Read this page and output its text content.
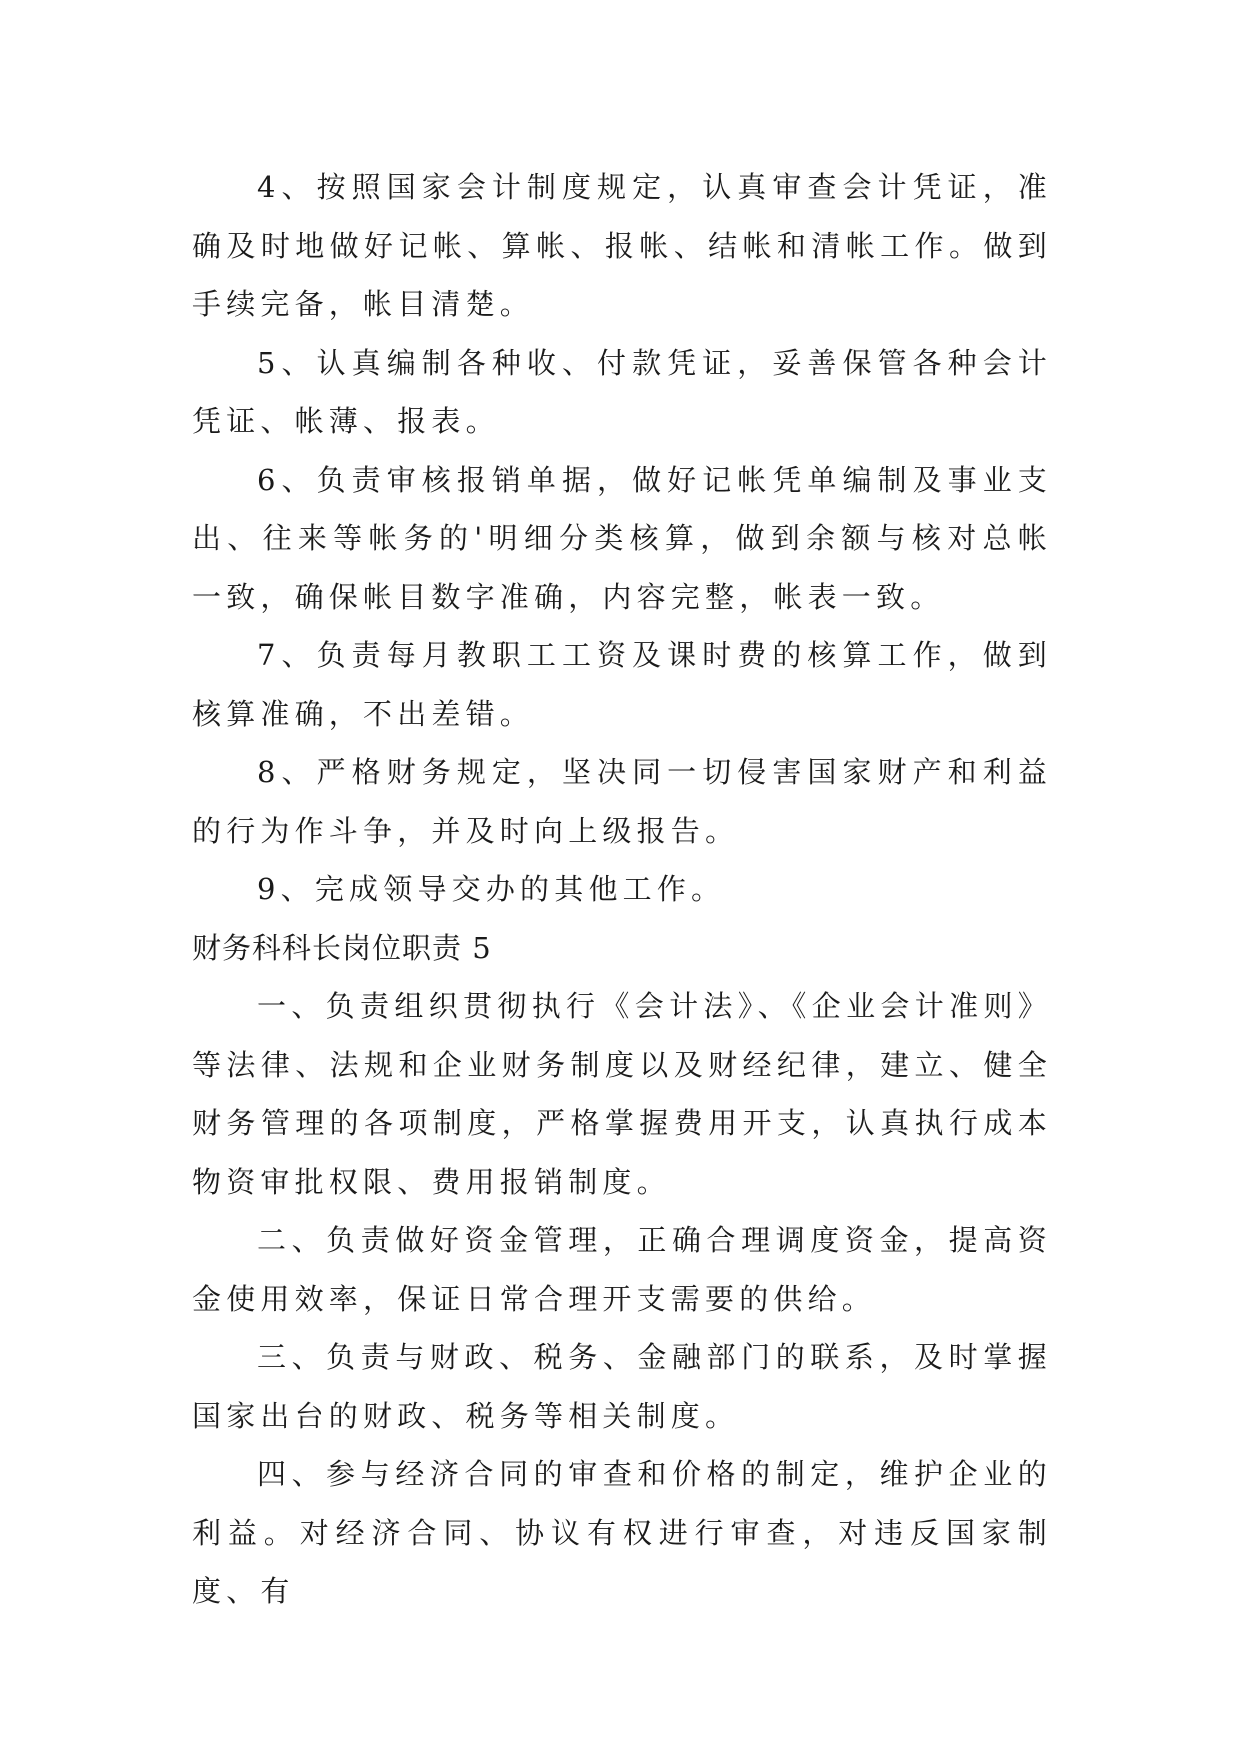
4、按照国家会计制度规定，认真审查会计凭证，准确及时地做好记帐、算帐、报帐、结帐和清帐工作。做到手续完备，帐目清楚。

5、认真编制各种收、付款凭证，妥善保管各种会计凭证、帐薄、报表。

6、负责审核报销单据，做好记帐凭单编制及事业支出、往来等帐务的'明细分类核算，做到余额与核对总帐一致，确保帐目数字准确，内容完整，帐表一致。

7、负责每月教职工工资及课时费的核算工作，做到核算准确，不出差错。

8、严格财务规定，坚决同一切侵害国家财产和利益的行为作斗争，并及时向上级报告。

9、完成领导交办的其他工作。

财务科科长岗位职责 5

一、负责组织贯彻执行《会计法》、《企业会计准则》等法律、法规和企业财务制度以及财经纪律，建立、健全财务管理的各项制度，严格掌握费用开支，认真执行成本物资审批权限、费用报销制度。

二、负责做好资金管理，正确合理调度资金，提高资金使用效率，保证日常合理开支需要的供给。

三、负责与财政、税务、金融部门的联系，及时掌握国家出台的财政、税务等相关制度。

四、参与经济合同的审查和价格的制定，维护企业的利益。对经济合同、协议有权进行审查，对违反国家制度、有
